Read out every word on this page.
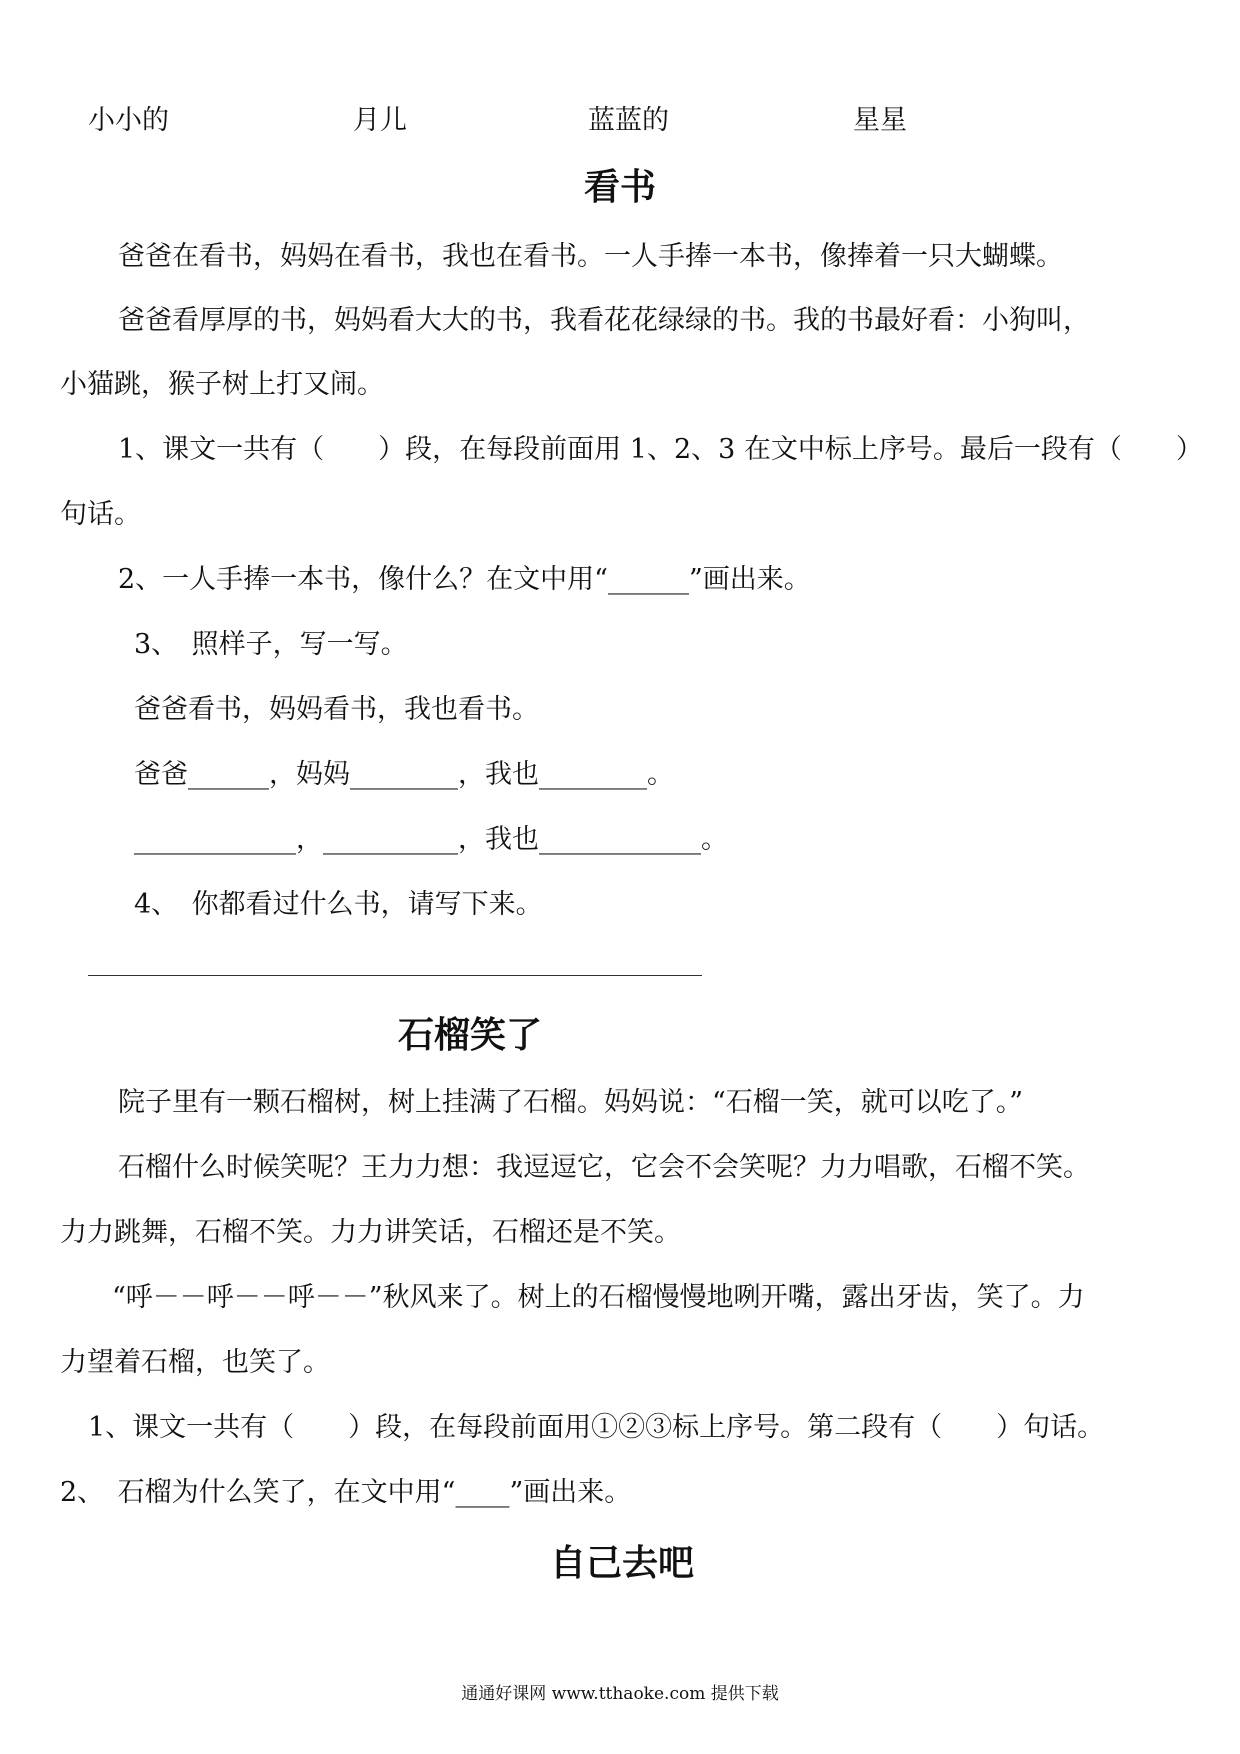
小小的	月儿	蓝蓝的	星星
看书
爸爸在看书，妈妈在看书，我也在看书。一人手捧一本书，像捧着一只大蝴蝶。
爸爸看厚厚的书，妈妈看大大的书，我看花花绿绿的书。我的书最好看：小狗叫，
小猫跳，猴子树上打又闹。
1、课文一共有（　　）段，在每段前面用 1、2、3 在文中标上序号。最后一段有（　　）
句话。
2、一人手捧一本书，像什么？在文中用“______”画出来。
3、　照样子，写一写。
爸爸看书，妈妈看书，我也看书。
爸爸______，妈妈________，我也________。
____________，__________，我也____________。
4、　你都看过什么书，请写下来。
石榴笑了
院子里有一颗石榴树，树上挂满了石榴。妈妈说：“石榴一笑，就可以吃了。”
石榴什么时候笑呢？王力力想：我逗逗它，它会不会笑呢？力力唱歌，石榴不笑。
力力跳舞，石榴不笑。力力讲笑话，石榴还是不笑。
“呼－－呼－－呼－－”秋风来了。树上的石榴慢慢地咧开嘴，露出牙齿，笑了。力
力望着石榴，也笑了。
1、课文一共有（　　）段，在每段前面用①②③标上序号。第二段有（　　）句话。
2、　石榴为什么笑了，在文中用“____”画出来。
自己去吧
通通好课网 www.tthaoke.com 提供下载
